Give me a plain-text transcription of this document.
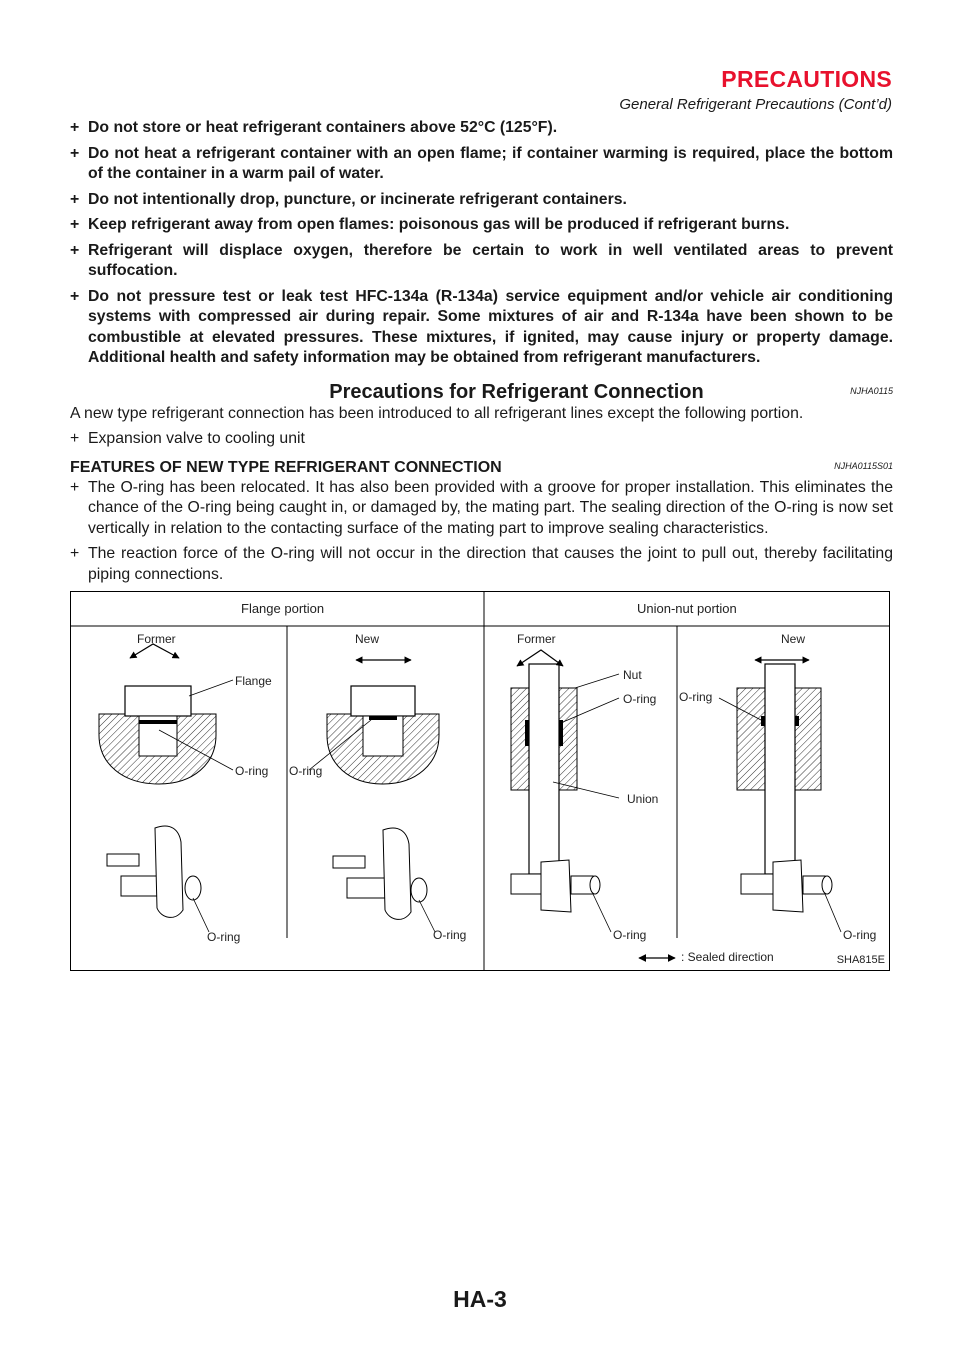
PRECAUTIONS
General Refrigerant Precautions (Cont’d)
+ Do not store or heat refrigerant containers above 52°C (125°F).
+ Do not heat a refrigerant container with an open flame; if container warming is required, place the bottom of the container in a warm pail of water.
+ Do not intentionally drop, puncture, or incinerate refrigerant containers.
+ Keep refrigerant away from open flames: poisonous gas will be produced if refrigerant burns.
+ Refrigerant will displace oxygen, therefore be certain to work in well ventilated areas to prevent suffocation.
+ Do not pressure test or leak test HFC-134a (R-134a) service equipment and/or vehicle air conditioning systems with compressed air during repair. Some mixtures of air and R-134a have been shown to be combustible at elevated pressures. These mixtures, if ignited, may cause injury or property damage. Additional health and safety information may be obtained from refrigerant manufacturers.
Precautions for Refrigerant Connection	NJHA0115

A new type refrigerant connection has been introduced to all refrigerant lines except the following portion.

+ Expansion valve to cooling unit
FEATURES OF NEW TYPE REFRIGERANT CONNECTION	NJHA0115S01
+ The O-ring has been relocated. It has also been provided with a groove for proper installation. This eliminates the chance of the O-ring being caught in, or damaged by, the mating part. The sealing direction of the O-ring is now set vertically in relation to the contacting surface of the mating part to improve sealing characteristics.
+ The reaction force of the O-ring will not occur in the direction that causes the joint to pull out, thereby facilitating piping connections.
Flange portion	Union-nut portion
Former	New	Former	New
Flange
O-ring O-ring
Nut
O-ring
Union
O-ring
O-ring	O-ring	O-ring	O-ring
: Sealed direction	SHA815E
HA-3
